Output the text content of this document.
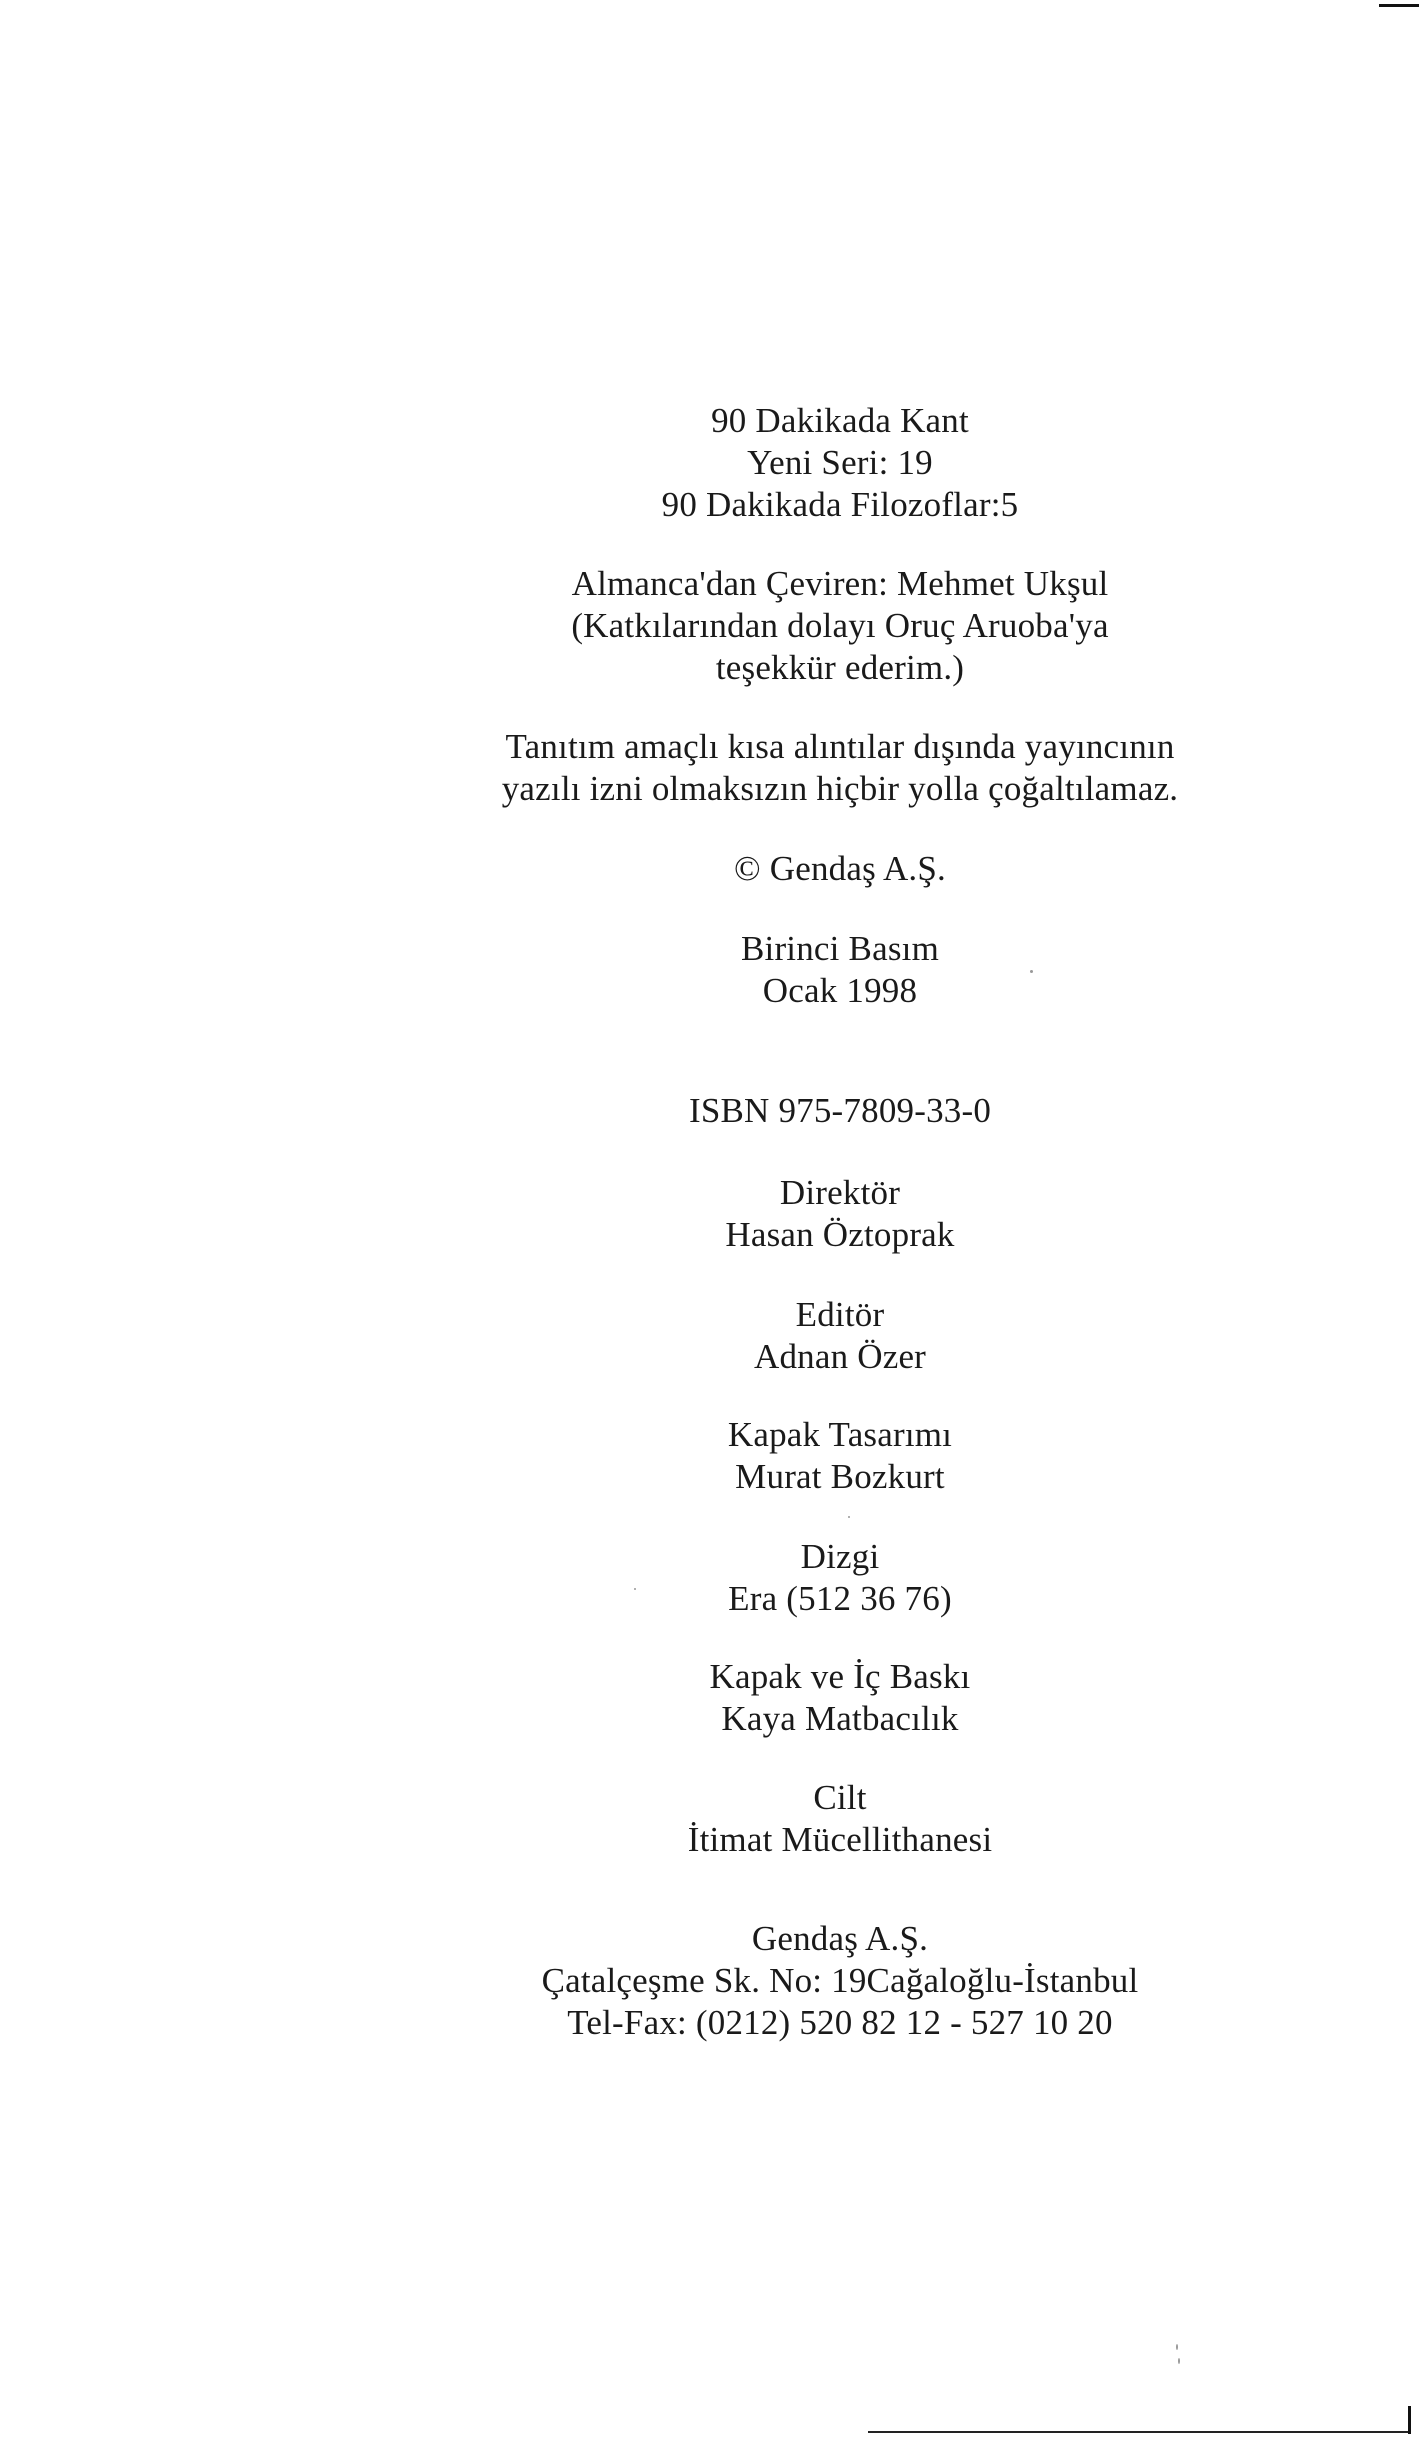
90 Dakikada Kant
Yeni Seri: 19
90 Dakikada Filozoflar:5
Almanca'dan Çeviren: Mehmet Ukşul
(Katkılarından dolayı Oruç Aruoba'ya
teşekkür ederim.)
Tanıtım amaçlı kısa alıntılar dışında yayıncının
yazılı izni olmaksızın hiçbir yolla çoğaltılamaz.
© Gendaş A.Ş.
Birinci Basım
Ocak 1998
ISBN 975-7809-33-0
Direktör
Hasan Öztoprak
Editör
Adnan Özer
Kapak Tasarımı
Murat Bozkurt
Dizgi
Era (512 36 76)
Kapak ve İç Baskı
Kaya Matbacılık
Cilt
İtimat Mücellithanesi
Gendaş A.Ş.
Çatalçeşme Sk. No: 19Cağaloğlu-İstanbul
Tel-Fax: (0212) 520 82 12 - 527 10 20
